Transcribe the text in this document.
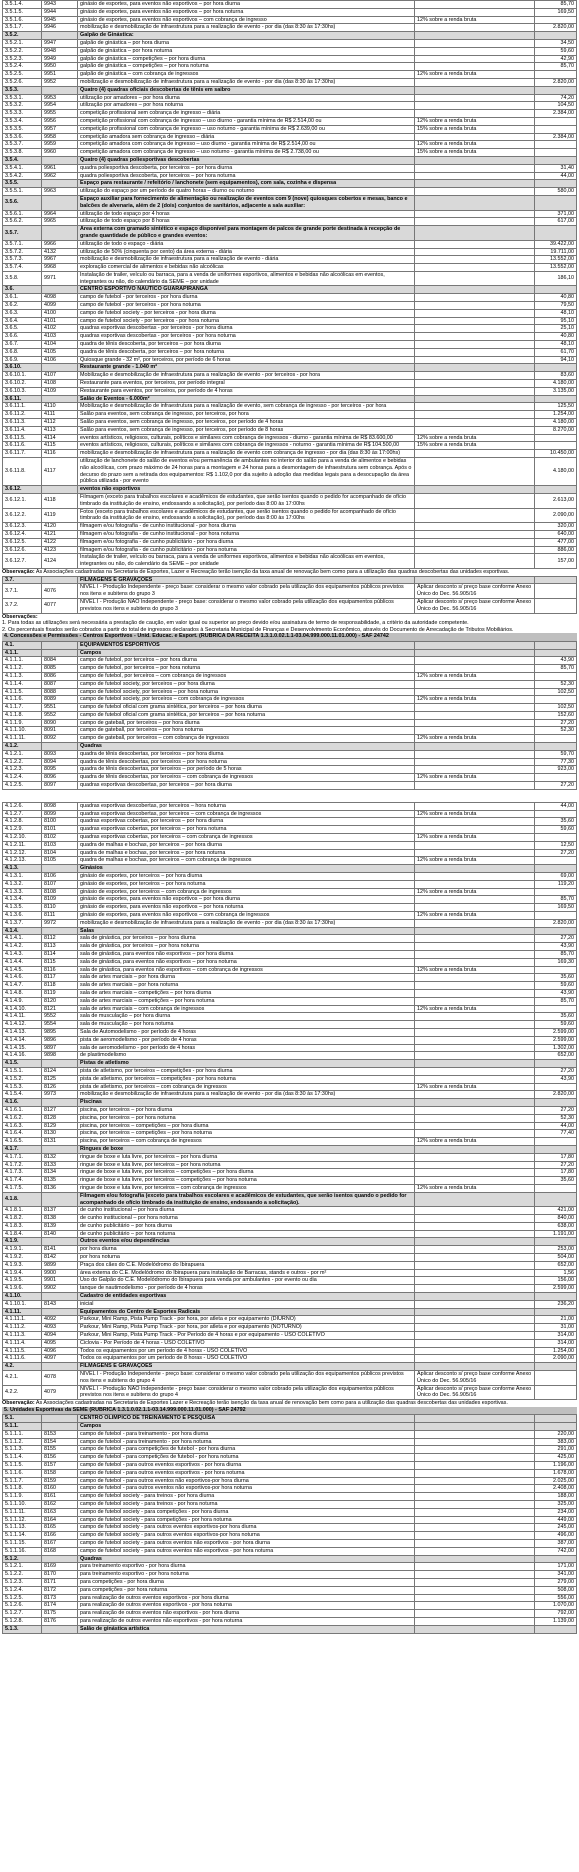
3.5.1.4.	9943	ginásio de esportes, para eventos não esportivos – por hora diurna		85,70
3.5.1.5.	9944	ginásio de esportes, para eventos não esportivos – por hora noturna		169,50
3.5.1.6.	9945	ginásio de esportes, para eventos não esportivos – com cobrança de ingresso	12% sobre a renda bruta	
3.5.1.7.	9946	mobilização e desmobilização de infraestrutura para a realização de evento - por dia (das 8:30 às 17:30hs)		2.820,00
3.5.2.		Galpão de Ginástica:		
3.5.2.1.	9947	galpão de ginástica – por hora diurna		34,50
3.5.2.2.	9948	galpão de ginástica – por hora noturna		59,60
3.5.2.3.	9949	galpão de ginástica – competições – por hora diurna		42,90
3.5.2.4.	9950	galpão de ginástica – competições – por hora noturna		85,70
3.5.2.5.	9951	galpão de ginástica – com cobrança de ingressos	12% sobre a renda bruta	
3.5.2.6.	9952	mobilização e desmobilização de infraestrutura para a realização de evento - por dia (das 8:30 às 17:30hs)		2.820,00
3.5.3.		Quatro (4) quadras oficiais descobertas de tênis em saibro		
3.5.3.1.	9953	utilização por amadores – por hora diurna		74,20
3.5.3.2.	9954	utilização por amadores – por hora noturna		104,50
3.5.3.3.	9955	competição profissional sem cobrança de ingresso – diária		2.384,00
3.5.3.4.	9956	competição profissional com cobrança de ingresso – uso diurno - garantia mínima de R$ 2.514,00 ou	12% sobre a renda bruta	
3.5.3.5.	9957	competição profissional com cobrança de ingresso – uso noturno - garantia mínima de R$ 2.639,00 ou	15% sobre a renda bruta	
3.5.3.6.	9958	competição amadora sem cobrança de ingresso – diária		2.384,00
3.5.3.7.	9959	competição amadora com cobrança de ingresso – uso diurno - garantia mínima de R$ 2.514,00 ou	12% sobre a renda bruta	
3.5.3.8.	9960	competição amadora com cobrança de ingresso – uso noturno - garantia mínima de R$ 2.738,00 ou	15% sobre a renda bruta	
3.5.4.		Quatro (4) quadras poliesportivas descobertas		
3.5.4.1.	9961	quadra poliesportiva descoberta, por terceiros – por hora diurna		31,40
3.5.4.2.	9962	quadra poliesportiva descoberta, por terceiros – por hora noturna		44,00
3.5.5.		Espaço para restaurante / refeitório / lanchonete (sem equipamentos), com sala, cozinha e dispensa		
3.5.5.1.	9963	utilização do espaço por um período de quatro horas – diurno ou noturno		580,00
3.5.6.		Espaço auxiliar para fornecimento de alimentação ou realização de eventos com 9 (nove) quiosques cobertos e mesas, banco e balcões de alvenaria, além de 2 (dois) conjuntos de sanitários, adjacente a sala auxiliar:		
3.5.6.1.	9964	utilização de todo espaço por 4 horas		371,00
3.5.6.2.	9965	utilização de todo espaço por 8 horas		617,00
3.5.7.		Área externa com gramado sintético e espaço disponível para montagem de palcos de grande porte destinada à recepção de grande quantidade de público e grandes eventos:		
3.5.7.1.	9966	utilização de todo o espaço - diária		39.422,00
3.5.7.2.	4132	utilização de 50% (cinquenta por cento) da área externa - diária		19.711,00
3.5.7.3.	9967	mobilização e desmobilização de infraestrutura para a realização de evento - diária		13.552,00
3.5.7.4.	9968	exploração comercial de alimentos e bebidas não alcoólicas		13.552,00
3.5.8.	9971	Instalação de trailer, veículo ou barraca, para a venda de uniformes esportivos, alimentos e bebidas não alcoólicas em eventos, integrantes ou não, do calendário da SEME – por unidade		186,10
3.6.		CENTRO ESPORTIVO NÁUTICO GUARAPIRANGA		
3.6.1.	4098	campo de futebol - por terceiros - por hora diurna		40,80
3.6.2.	4099	campo de futebol - por terceiros - por hora noturna		79,50
3.6.3.	4100	campo de futebol society - por terceiros - por hora diurna		48,10
3.6.4.	4101	campo de futebol society - por terceiros - por hora noturna		95,10
3.6.5.	4102	quadras esportivas descobertas - por terceiros - por hora diurna		25,10
3.6.6.	4103	quadras esportivas descobertas - por terceiros - por hora noturna		40,80
3.6.7.	4104	quadra de tênis descoberta, por terceiros – por hora diurna		48,10
3.6.8.	4105	quadra de tênis descoberta, por terceiros – por hora noturna		61,70
3.6.9.	4106	Quiosque grande - 32 m², por terceiros, por período de 6 horas		94,10
3.6.10.		Restaurante grande - 1.040 m²		
3.6.10.1.	4107	Mobilização e desmobilização de infraestrutura para a realização de evento - por terceiros - por hora		83,60
3.6.10.2.	4108	Restaurante para eventos, por terceiros, por período integral		4.180,00
3.6.10.3.	4109	Restaurante para eventos, por terceiros, por período de 4 horas		3.135,00
3.6.11.		Salão de Eventos - 6.000m²		
3.6.11.1.	4110	Mobilização e desmobilização de infraestrutura para a realização de evento, sem cobrança de ingresso - por terceiros - por hora		125,50
3.6.11.2.	4111	Salão para eventos, sem cobrança de ingresso, por terceiros, por hora		1.254,00
3.6.11.3.	4112	Salão para eventos, sem cobrança de ingresso, por terceiros, por período de 4 horas		4.180,00
3.6.11.4.	4113	Salão para eventos, sem cobrança de ingresso, por terceiros, por período de 8 horas		8.270,00
3.6.11.5.	4114	eventos artísticos, religiosos, culturais, políticos e similares com cobrança de ingressos - diurno - garantia mínima de R$ 83.600,00	12% sobre a renda bruta	
3.6.11.6.	4115	eventos artísticos, religiosos, culturais, políticos e similares com cobrança de ingressos - noturno - garantia mínima de R$ 104.500,00	15% sobre a renda bruta	
3.6.11.7.	4116	mobilização e desmobilização de infraestrutura para a realização de evento com cobrança de ingresso - por dia (das 8:30 às 17:00hs)		10.450,00
3.6.11.8.	4117	utilização de lanchonete do salão de eventos e/ou permanência de ambulantes no interior do salão para a venda de alimentos e bebidas não alcoólicas, com prazo máximo de 24 horas para a montagem e 24 horas para a desmontagem de infraestrutura sem cobrança. Após o decurso do prazo sem a retirada dos equipamentos: R$ 1.102,0 por dia sujeito à adoção das medidas legais para a desocupação da área pública utilizada - por evento		4.180,00
3.6.12.		eventos não esportivos		
3.6.12.1.	4118	Filmagem (exceto para trabalhos escolares e acadêmicos de estudantes, que serão isentos quando o pedido for acompanhado de ofício timbrado da instituição de ensino, endossando a solicitação), por período das 8:00 às 17:00hs		2.613,00
3.6.12.2.	4119	Fotos (exceto para trabalhos escolares e acadêmicos de estudantes, que serão isentos quando o pedido for acompanhado de ofício timbrado da instituição de ensino, endossando a solicitação), por período das 8:00 às 17:00hs		2.090,00
3.6.12.3.	4120	filmagem e/ou fotografia - de cunho institucional - por hora diurna		320,00
3.6.12.4.	4121	filmagem e/ou fotografia - de cunho institucional - por hora noturna		640,00
3.6.12.5.	4122	filmagem e/ou fotografia - de cunho publicitário - por hora diurna		477,00
3.6.12.6.	4123	filmagem e/ou fotografia - de cunho publicitário - por hora noturna		886,00
3.6.12.7.	4124	Instalação de trailer, veículo ou barraca, para a venda de uniformes esportivos, alimentos e bebidas não alcoólicas em eventos, integrantes ou não, do calendário da SEME – por unidade		157,00
Observação: As Associações cadastradas na Secretaria de Esportes, Lazer e Recreação terão isenção da taxa anual de renovação bem como para a utilização das quadras descobertas das unidades esportivas.
3.7.		FILMAGENS E GRAVAÇÕES		
3.7.1.	4076	NÍVEL I - Produção Independente - preço base: considerar o mesmo valor cobrado pela utilização dos equipamentos públicos previstos nos itens e subitens do grupo 3	Aplicar desconto s/ preço base conforme Anexo Único do Dec. 56.905/16	
3.7.2.	4077	NÍVEL I - Produção NÃO Independente - preço base: considerar o mesmo valor cobrado pela utilização dos equipamentos públicos previstos nos itens e subitens do grupo 3	Aplicar desconto s/ preço base conforme Anexo Único do Dec. 56.905/16	
Observações:
1. Para todas as utilizações será necessária a prestação de caução, em valor igual ou superior ao preço devido e/ou assinatura de termo de responsabilidade, a critério da autoridade competente.
2. Os percentuais fixados serão cobrados a partir do total de ingressos declarados à Secretaria Municipal de Finanças e Desenvolvimento Econômico, através do Documento de Arrecadação de Tributos Mobiliários.
4. Concessões e Permissões - Centros Esportivos - Unid. Educac. e Esport. (RUBRICA DA RECEITA 1.3.1.0.02.1.1-03.04.999.000.11.01.000) - SAF 24742
4.1.		EQUIPAMENTOS ESPORTIVOS		
4.1.1.		Campos		
4.1.1.1.	8084	campo de futebol, por terceiros – por hora diurna		43,90
4.1.1.2.	8085	campo de futebol, por terceiros – por hora noturna		85,70
4.1.1.3.	8086	campo de futebol, por terceiros – com cobrança de ingressos	12% sobre a renda bruta	
4.1.1.4.	8087	campo de futebol society, por terceiros – por hora diurna		52,30
4.1.1.5.	8088	campo de futebol society, por terceiros – por hora noturna		102,50
4.1.1.6.	8089	campo de futebol society, por terceiros – com cobrança de ingressos	12% sobre a renda bruta	
4.1.1.7.	9551	campo de futebol oficial com grama sintética, por terceiros – por hora diurna		102,50
4.1.1.8.	9552	campo de futebol oficial com grama sintética, por terceiros – por hora noturna		152,60
4.1.1.9.	8090	campo de gateball, por terceiros – por hora diurna		27,20
4.1.1.10.	8091	campo de gateball, por terceiros – por hora noturna		52,30
4.1.1.11.	8092	campo de gateball, por terceiros – com cobrança de ingressos	12% sobre a renda bruta	
4.1.2.		Quadras		
4.1.2.1.	8093	quadra de tênis descobertas, por terceiros – por hora diurna		59,70
4.1.2.2.	8094	quadra de tênis descobertas, por terceiros – por hora noturna		77,30
4.1.2.3.	8095	quadra de tênis descobertas, por terceiros – por período de 5 horas		923,00
4.1.2.4.	8096	quadra de tênis descobertas, por terceiros – com cobrança de ingressos	12% sobre a renda bruta	
4.1.2.5.	8097	quadras esportivas descobertas, por terceiros – por hora diurna		27,20
4.1.2.6.	8098	quadras esportivas descobertas, por terceiros – hora noturna		44,00
4.1.2.7.	8099	quadras esportivas descobertas, por terceiros – com cobrança de ingressos	12% sobre a renda bruta	
4.1.2.8.	8100	quadras esportivas cobertas, por terceiros – por hora diurna		35,60
4.1.2.9.	8101	quadras esportivas cobertas, por terceiros – por hora noturna		59,60
4.1.2.10.	8102	quadras esportivas cobertas, por terceiros – com cobrança de ingressos	12% sobre a renda bruta	
4.1.2.11.	8103	quadra de malhas e bochas, por terceiros – por hora diurna		12,50
4.1.2.12.	8104	quadra de malhas e bochas, por terceiros – por hora noturna		27,20
4.1.2.13.	8105	quadra de malhas e bochas, por terceiros – com cobrança de ingressos	12% sobre a renda bruta	
4.1.3.		Ginásios		
4.1.3.1.	8106	ginásio de esportes, por terceiros – por hora diurna		69,00
4.1.3.2.	8107	ginásio de esportes, por terceiros – por hora noturna		119,20
4.1.3.3.	8108	ginásio de esportes, por terceiros – com cobrança de ingressos	12% sobre a renda bruta	
4.1.3.4.	8109	ginásio de esportes, para eventos não esportivos – por hora diurna		85,70
4.1.3.5.	8110	ginásio de esportes, para eventos não esportivos – por hora noturna		169,50
4.1.3.6.	8111	ginásio de esportes, para eventos não esportivos – com cobrança de ingressos	12% sobre a renda bruta	
4.1.3.7.	9972	mobilização e desmobilização de infraestrutura para a realização de evento - por dia (das 8:30 às 17:30hs)		2.820,00
4.1.4.		Salas		
4.1.4.1.	8112	sala de ginástica, por terceiros – por hora diurna		27,20
4.1.4.2.	8113	sala de ginástica, por terceiros – por hora noturna		43,90
4.1.4.3.	8114	sala de ginástica, para eventos não esportivos – por hora diurna		85,70
4.1.4.4.	8115	sala de ginástica, para eventos não esportivos – por hora noturna		169,30
4.1.4.5.	8116	sala de ginástica, para eventos não esportivos – com cobrança de ingressos	12% sobre a renda bruta	
4.1.4.6.	8117	sala de artes marciais – por hora diurna		35,60
4.1.4.7.	8118	sala de artes marciais – por hora noturna		59,60
4.1.4.8.	8119	sala de artes marciais – competições – por hora diurna		43,90
4.1.4.9.	8120	sala de artes marciais – competições – por hora noturna		85,70
4.1.4.10.	8121	sala de artes marciais – com cobrança de ingressos	12% sobre a renda bruta	
4.1.4.11.	9552	sala de musculação – por hora diurna		35,60
4.1.4.12.	9554	sala de musculação – por hora noturna		59,60
4.1.4.13.	9895	Sala de Automodelismo - por período de 4 horas		2.599,00
4.1.4.14.	9896	pista de aeromodelismo - por período de 4 horas		2.599,00
4.1.4.15.	9897	sala de aeromodelismo - por período de 4 horas		1.302,00
4.1.4.16.	9898	de plastimodelismo		652,00
4.1.5.		Pistas de atletismo		
4.1.5.1.	8124	pista de atletismo, por terceiros – competições - por hora diurna		27,20
4.1.5.2.	8125	pista de atletismo, por terceiros – competições - por hora noturna		43,90
4.1.5.3.	8126	pista de atletismo, por terceiros – com cobrança de ingressos	12% sobre a renda bruta	
4.1.5.4.	9973	mobilização e desmobilização de infraestrutura para a realização de evento - por dia (das 8:30 às 17:30hs)		2.820,00
4.1.6.		Piscinas		
4.1.6.1.	8127	piscina, por terceiros – por hora diurna		27,20
4.1.6.2.	8128	piscina, por terceiros – por hora noturna		52,30
4.1.6.3.	8129	piscina, por terceiros – competições – por hora diurna		44,00
4.1.6.4.	8130	piscina, por terceiros – competições – por hora noturna		77,40
4.1.6.5.	8131	piscina, por terceiros – com cobrança de ingressos	12% sobre a renda bruta	
4.1.7.		Ringues de boxe		
4.1.7.1.	8132	ringue de boxe e luta livre, por terceiros – por hora diurna		17,80
4.1.7.2.	8133	ringue de boxe e luta livre, por terceiros – por hora noturna		27,20
4.1.7.3.	8134	ringue de boxe e luta livre, por terceiros – competições – por hora diurna		17,80
4.1.7.4.	8135	ringue de boxe e luta livre, por terceiros – competições – por hora noturna		35,60
4.1.7.5.	8136	ringue de boxe e luta livre, por terceiros – com cobrança de ingressos	12% sobre a renda bruta	
4.1.8.		Filmagem e/ou fotografia (exceto para trabalhos escolares e acadêmicos de estudantes, que serão isentos quando o pedido for acompanhado de ofício timbrado da instituição de ensino, endossando a solicitação).		
4.1.8.1.	8137	de cunho institucional – por hora diurna		421,00
4.1.8.2.	8138	de cunho institucional – por hora noturna		840,00
4.1.8.3.	8139	de cunho publicitário – por hora diurna		638,00
4.1.8.4.	8140	de cunho publicitário – por hora noturna		1.191,00
4.1.9.		Outros eventos e/ou dependências		
4.1.9.1.	8141	por hora diurna		253,00
4.1.9.2.	8142	por hora noturna		504,00
4.1.9.3.	9899	Praça dos cães do C.E. Modelódromo do Ibirapuera		652,00
4.1.9.4.	9900	área externa do C.E. Modelódromo do Ibirapuera para instalação de Barracas, stands e outros - por m²		1,56
4.1.9.5.	9901	Uso do Galpão do C.E. Modelódromo do Ibirapuera para venda por ambulantes - por evento ou dia		156,00
4.1.9.6.	9902	tanque de nautimodelismo - por período de 4 horas		2.599,00
4.1.10.		Cadastro de entidades esportivas		
4.1.10.1.	8143	inicial		236,20
4.1.11.		Equipamentos do Centro de Esportes Radicais		
4.1.11.1.	4092	Parkour, Mini Ramp, Pista Pump Track - por hora, por atleta e por equipamento (DIURNO)		21,00
4.1.11.2.	4093	Parkour, Mini Ramp, Pista Pump Track - por hora, por atleta e por equipamento (NOTURNO)		31,00
4.1.11.3.	4094	Parkour, Mini Ramp, Pista Pump Track - Por Período de 4 horas e por equipamento - USO COLETIVO		314,00
4.1.11.4.	4095	Ciclovia - Por Período de 4 horas - USO COLETIVO		314,00
4.1.11.5.	4096	Todos os equipamentos por um período de 4 horas - USO COLETIVO		1.254,00
4.1.11.6.	4097	Todos os equipamentos por um período de 8 horas - USO COLETIVO		2.090,00
4.2.		FILMAGENS E GRAVAÇÕES		
4.2.1.	4078	NÍVEL I - Produção Independente - preço base: considerar o mesmo valor cobrado pela utilização dos equipamentos públicos previstos nos itens e subitens do grupo 4	Aplicar desconto s/ preço base conforme Anexo Único do Dec. 56.905/16	
4.2.2.	4079	NÍVEL I - Produção NÃO Independente - preço base: considerar o mesmo valor cobrado pela utilização dos equipamentos públicos previstos nos itens e subitens do grupo 4	Aplicar desconto s/ preço base conforme Anexo Único do Dec. 56.905/16	
Observação: As Associações cadastradas na Secretaria de Esportes Lazer e Recreação terão isenção da taxa anual de renovação bem como para a utilização das quadras descobertas das unidades esportivas.
5. Unidades Esportivas da SEME (RUBRICA 1.3.1.0.02.1.1-03.14.999.000.11.01.000) - SAF 24792
5.1.		CENTRO OLÍMPICO DE TREINAMENTO E PESQUISA		
5.1.1.		Campos		
5.1.1.1.	8153	campo de futebol - para treinamento - por hora diurna		220,00
5.1.1.2.	8154	campo de futebol - para treinamento - por hora noturna		383,00
5.1.1.3.	8155	campo de futebol - para competições de futebol - por hora diurna		291,00
5.1.1.4.	8156	campo de futebol - para competições de futebol - por hora noturna		425,00
5.1.1.5.	8157	campo de futebol - para outros eventos esportivos - por hora diurna		1.196,00
5.1.1.6.	8158	campo de futebol - para outros eventos esportivos - por hora noturna		1.678,00
5.1.1.7.	8159	campo de futebol - para outros eventos não esportivos-por hora diurna		2.025,00
5.1.1.8.	8160	campo de futebol - para outros eventos não esportivos-por hora noturna		2.408,00
5.1.1.9.	8161	campo de futebol society - para treinos - por hora diurna		188,00
5.1.1.10.	8162	campo de futebol society - para treinos - por hora noturna		325,00
5.1.1.11.	8163	campo de futebol society - para competições - por hora diurna		234,00
5.1.1.12.	8164	campo de futebol society - para competições - por hora noturna		449,00
5.1.1.13.	8165	campo de futebol society - para outros eventos esportivos-por hora diurna		245,00
5.1.1.14.	8166	campo de futebol society - para outros eventos esportivos-por hora noturna		496,00
5.1.1.15.	8167	campo de futebol society - para outros eventos não esportivos - por hora diurna		387,00
5.1.1.16.	8168	campo de futebol society - para outros eventos não esportivos - por hora noturna		742,00
5.1.2.		Quadras		
5.1.2.1.	8169	para treinamento esportivo - por hora diurna		171,00
5.1.2.2.	8170	para treinamento esportivo - por hora noturna		341,00
5.1.2.3.	8171	para competições - por hora diurna		279,00
5.1.2.4.	8172	para competições - por hora noturna		508,00
5.1.2.5.	8173	para realização de outros eventos esportivos - por hora diurna		556,00
5.1.2.6.	8174	para realização de outros eventos esportivos - por hora noturna		1.070,00
5.1.2.7.	8175	para realização de outros eventos não esportivos - por hora diurna		792,00
5.1.2.8.	8176	para realização de outros eventos não esportivos - por hora noturna		1.139,00
5.1.3.		Salão de ginástica artística		
